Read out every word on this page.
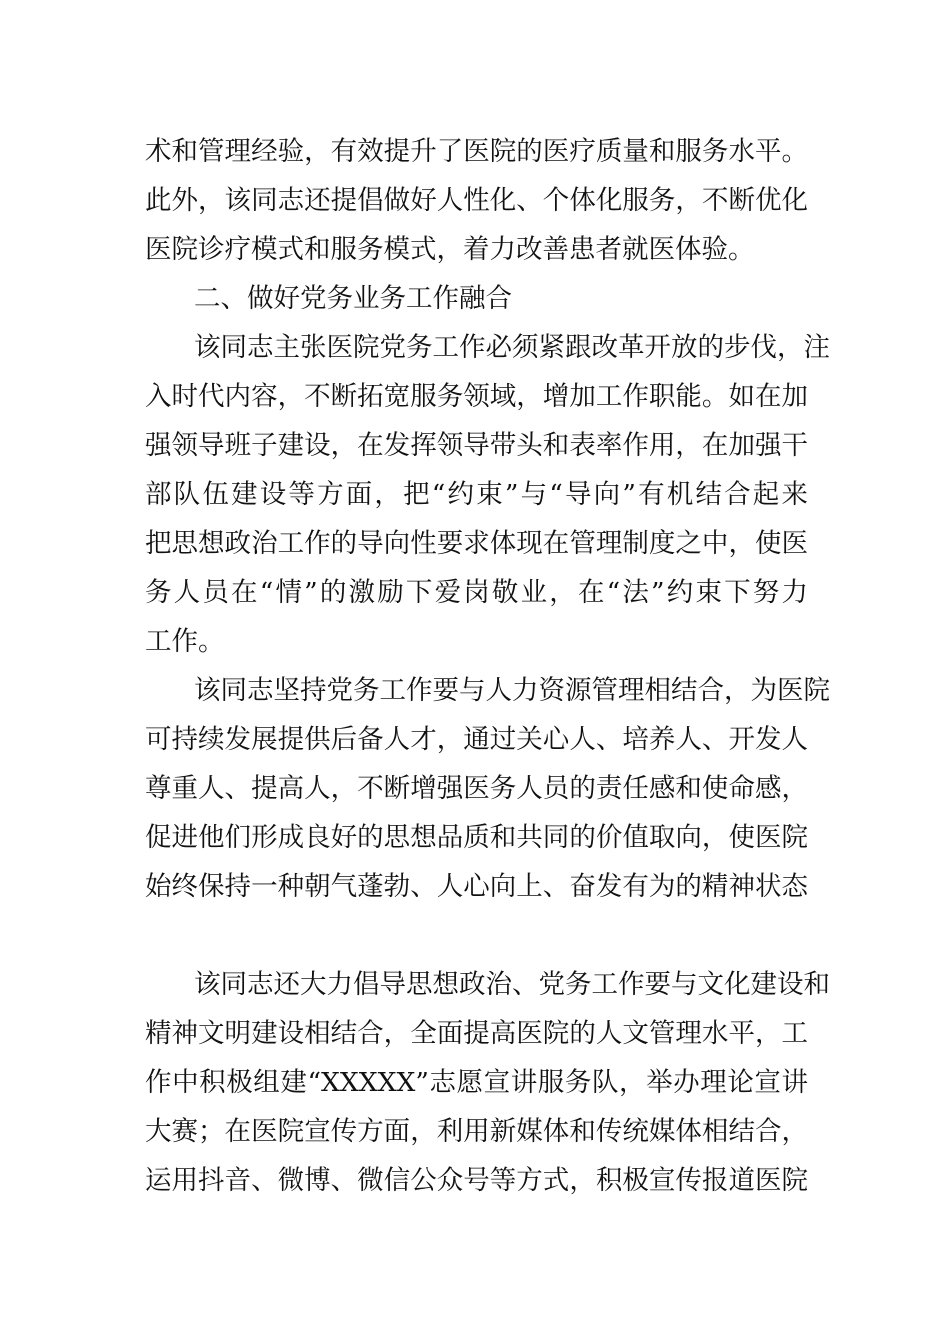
术和管理经验，有效提升了医院的医疗质量和服务水平。
此外，该同志还提倡做好人性化、个体化服务，不断优化
医院诊疗模式和服务模式，着力改善患者就医体验。
二、做好党务业务工作融合
该同志主张医院党务工作必须紧跟改革开放的步伐，注
入时代内容，不断拓宽服务领域，增加工作职能。如在加
强领导班子建设，在发挥领导带头和表率作用，在加强干
部队伍建设等方面，把“约束”与“导向”有机结合起来
把思想政治工作的导向性要求体现在管理制度之中，使医
务人员在“情”的激励下爱岗敬业，在“法”约束下努力
工作。
该同志坚持党务工作要与人力资源管理相结合，为医院
可持续发展提供后备人才，通过关心人、培养人、开发人
尊重人、提高人，不断增强医务人员的责任感和使命感，
促进他们形成良好的思想品质和共同的价值取向，使医院
始终保持一种朝气蓬勃、人心向上、奋发有为的精神状态
该同志还大力倡导思想政治、党务工作要与文化建设和
精神文明建设相结合，全面提高医院的人文管理水平，工
作中积极组建“XXXXX”志愿宣讲服务队，举办理论宣讲
大赛；在医院宣传方面，利用新媒体和传统媒体相结合，
运用抖音、微博、微信公众号等方式，积极宣传报道医院
